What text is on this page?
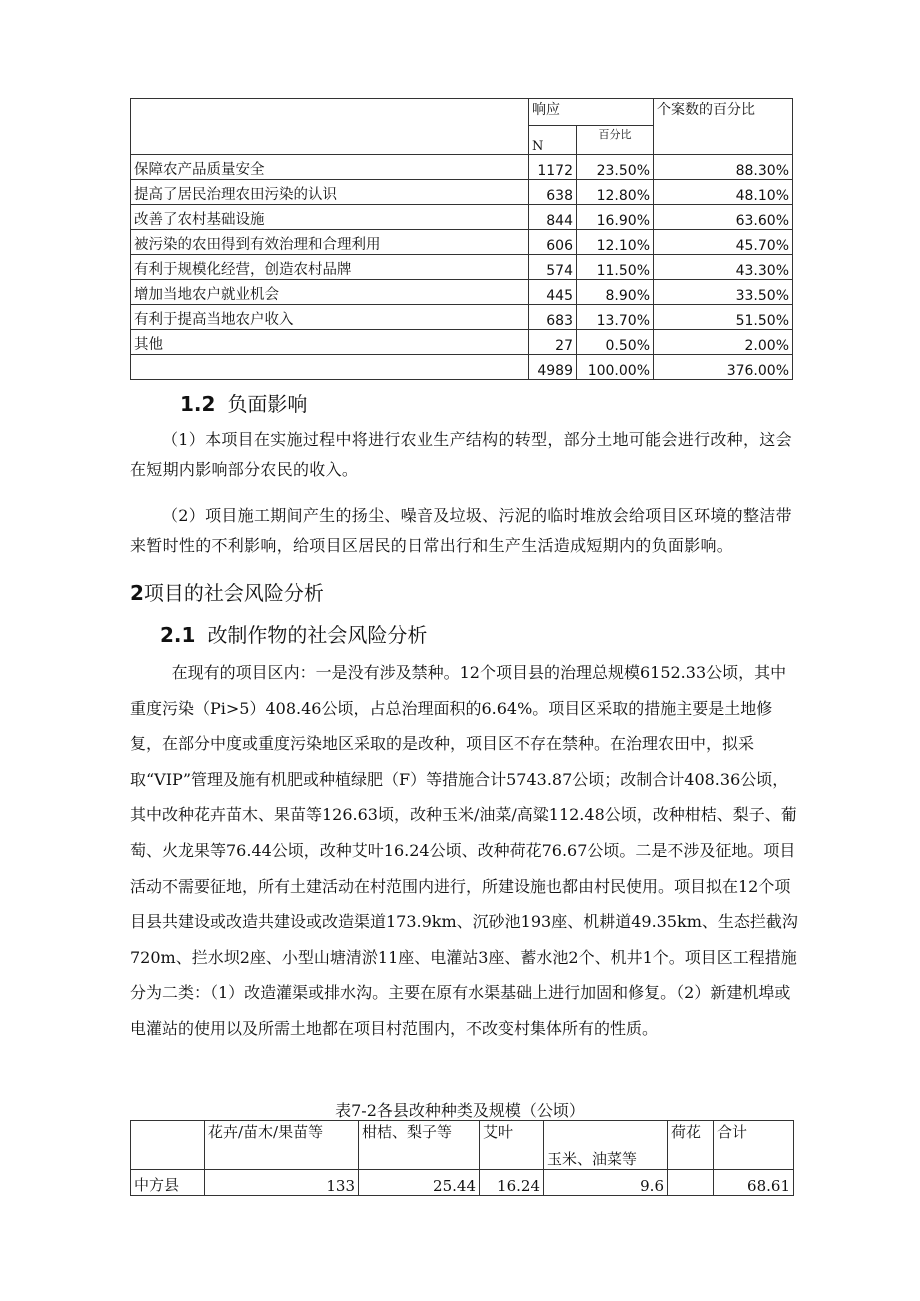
	响应		个案数的百分比
	N	百分比	
保障农产品质量安全	1172	23.50%	88.30%
提高了居民治理农田污染的认识	638	12.80%	48.10%
改善了农村基础设施	844	16.90%	63.60%
被污染的农田得到有效治理和合理利用	606	12.10%	45.70%
有利于规模化经营，创造农村品牌	574	11.50%	43.30%
增加当地农户就业机会	445	8.90%	33.50%
有利于提高当地农户收入	683	13.70%	51.50%
其他	27	0.50%	2.00%
	4989	100.00%	376.00%
1.2 负面影响

（1）本项目在实施过程中将进行农业生产结构的转型，部分土地可能会进行改种，这会在短期内影响部分农民的收入。

（2）项目施工期间产生的扬尘、噪音及垃圾、污泥的临时堆放会给项目区环境的整洁带来暂时性的不利影响，给项目区居民的日常出行和生产生活造成短期内的负面影响。

2项目的社会风险分析
2.1 改制作物的社会风险分析

在现有的项目区内：一是没有涉及禁种。12个项目县的治理总规模6152.33公顷，其中重度污染（Pi>5）408.46公顷，占总治理面积的6.64%。项目区采取的措施主要是土地修复，在部分中度或重度污染地区采取的是改种，项目区不存在禁种。在治理农田中，拟采取“VIP”管理及施有机肥或种植绿肥（F）等措施合计5743.87公顷；改制合计408.36公顷，其中改种花卉苗木、果苗等126.63顷，改种玉米/油菜/高粱112.48公顷，改种柑桔、梨子、葡萄、火龙果等76.44公顷，改种艾叶16.24公顷、改种荷花76.67公顷。二是不涉及征地。项目活动不需要征地，所有土建活动在村范围内进行，所建设施也都由村民使用。项目拟在12个项目县共建设或改造共建设或改造渠道173.9km、沉砂池193座、机耕道49.35km、生态拦截沟720m、拦水坝2座、小型山塘清淤11座、电灌站3座、蓄水池2个、机井1个。项目区工程措施分为二类：（1）改造灌渠或排水沟。主要在原有水渠基础上进行加固和修复。（2）新建机埠或电灌站的使用以及所需土地都在项目村范围内，不改变村集体所有的性质。

表7-2各县改种种类及规模（公顷）
	花卉/苗木/果苗等	柑桔、梨子等	艾叶	玉米、油菜等	荷花	合计
中方县	133	25.44	16.24	9.6		68.61
